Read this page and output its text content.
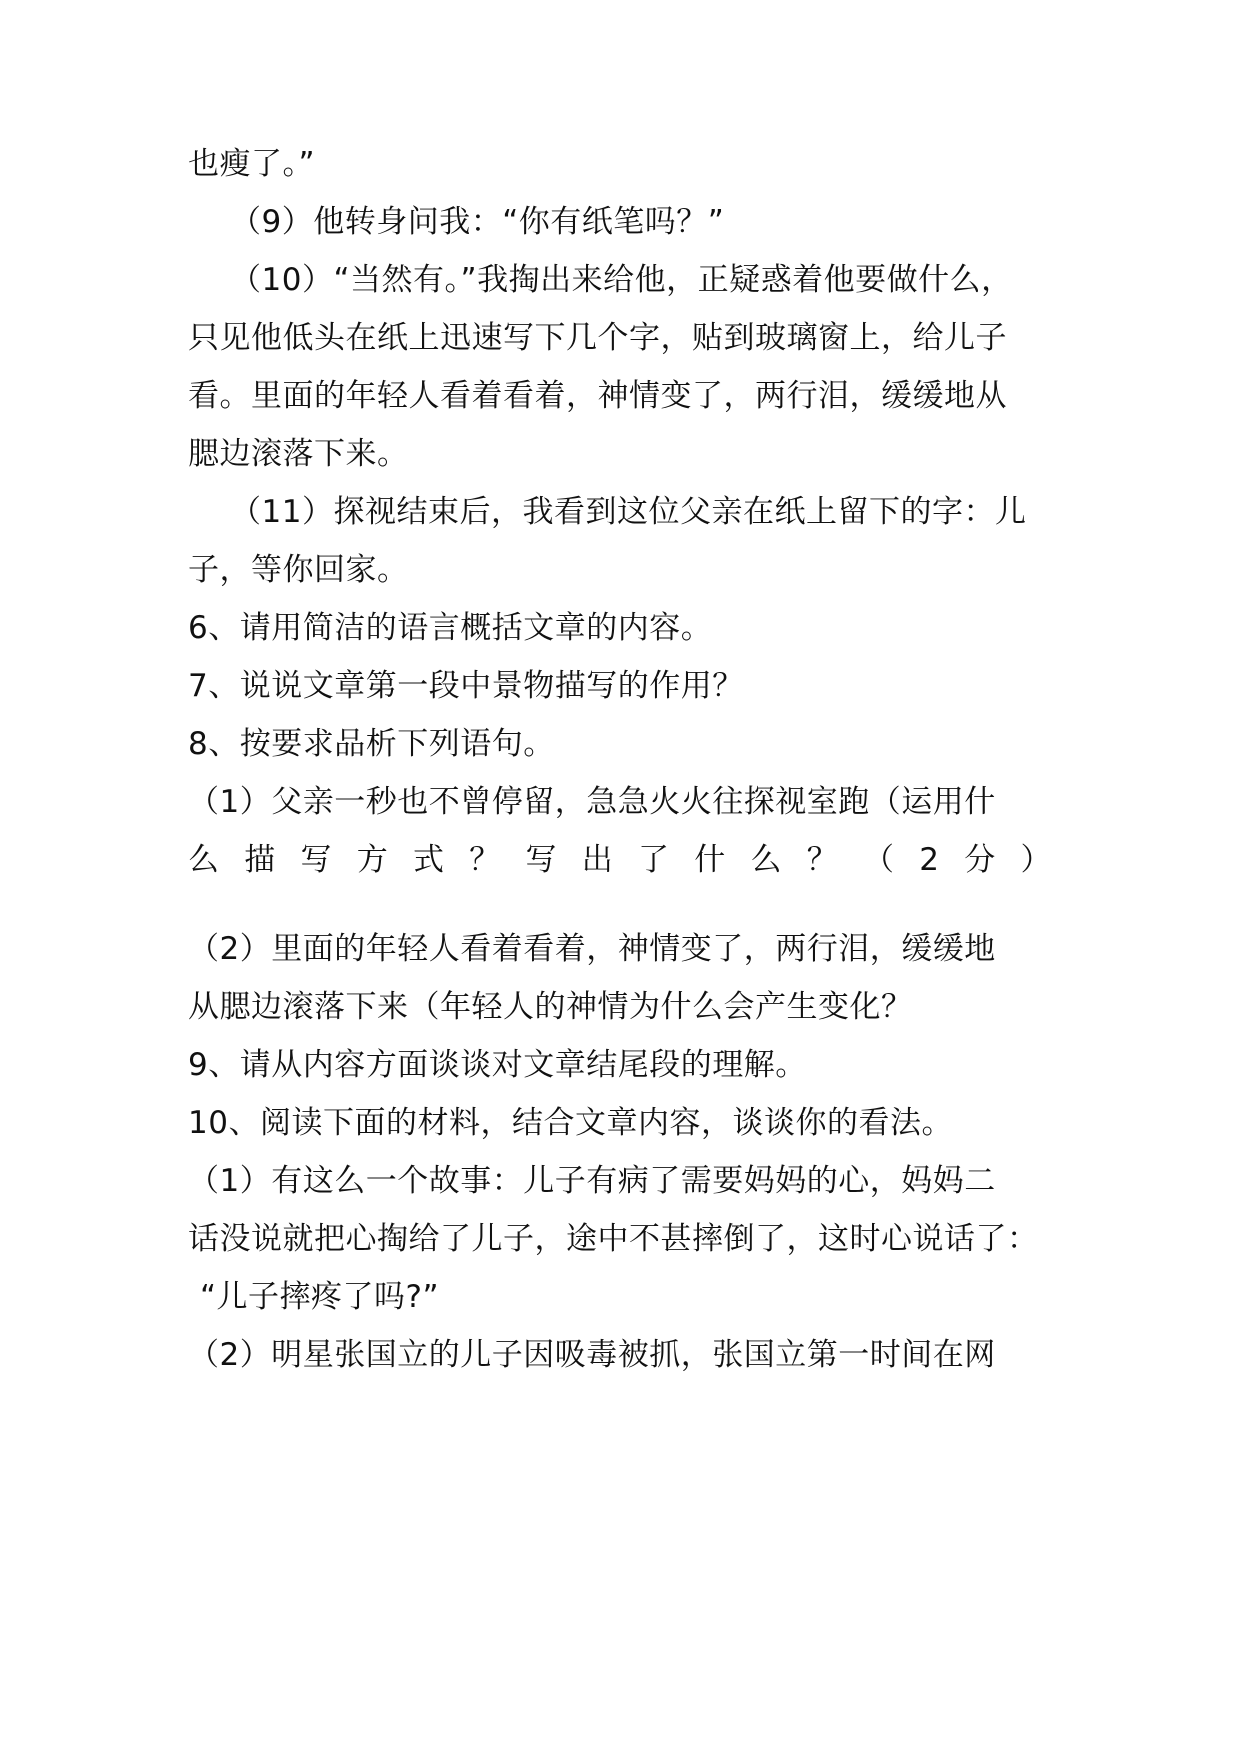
也瘦了。”
（9）他转身问我：“你有纸笔吗？”
（10）“当然有。”我掏出来给他，正疑惑着他要做什么，
只见他低头在纸上迅速写下几个字，贴到玻璃窗上，给儿子
看。里面的年轻人看着看着，神情变了，两行泪，缓缓地从
腮边滚落下来。
（11）探视结束后，我看到这位父亲在纸上留下的字：儿
子，等你回家。
6、请用简洁的语言概括文章的内容。
7、说说文章第一段中景物描写的作用？
8、按要求品析下列语句。
（1）父亲一秒也不曾停留，急急火火往探视室跑（运用什
么 描 写 方 式 ？ 写 出 了 什 么 ？ （ 2 分 ）
（2）里面的年轻人看着看着，神情变了，两行泪，缓缓地
从腮边滚落下来（年轻人的神情为什么会产生变化？
9、请从内容方面谈谈对文章结尾段的理解。
10、阅读下面的材料，结合文章内容，谈谈你的看法。
（1）有这么一个故事：儿子有病了需要妈妈的心，妈妈二
话没说就把心掏给了儿子，途中不甚摔倒了，这时心说话了：
“儿子摔疼了吗?”
（2）明星张国立的儿子因吸毒被抓，张国立第一时间在网
